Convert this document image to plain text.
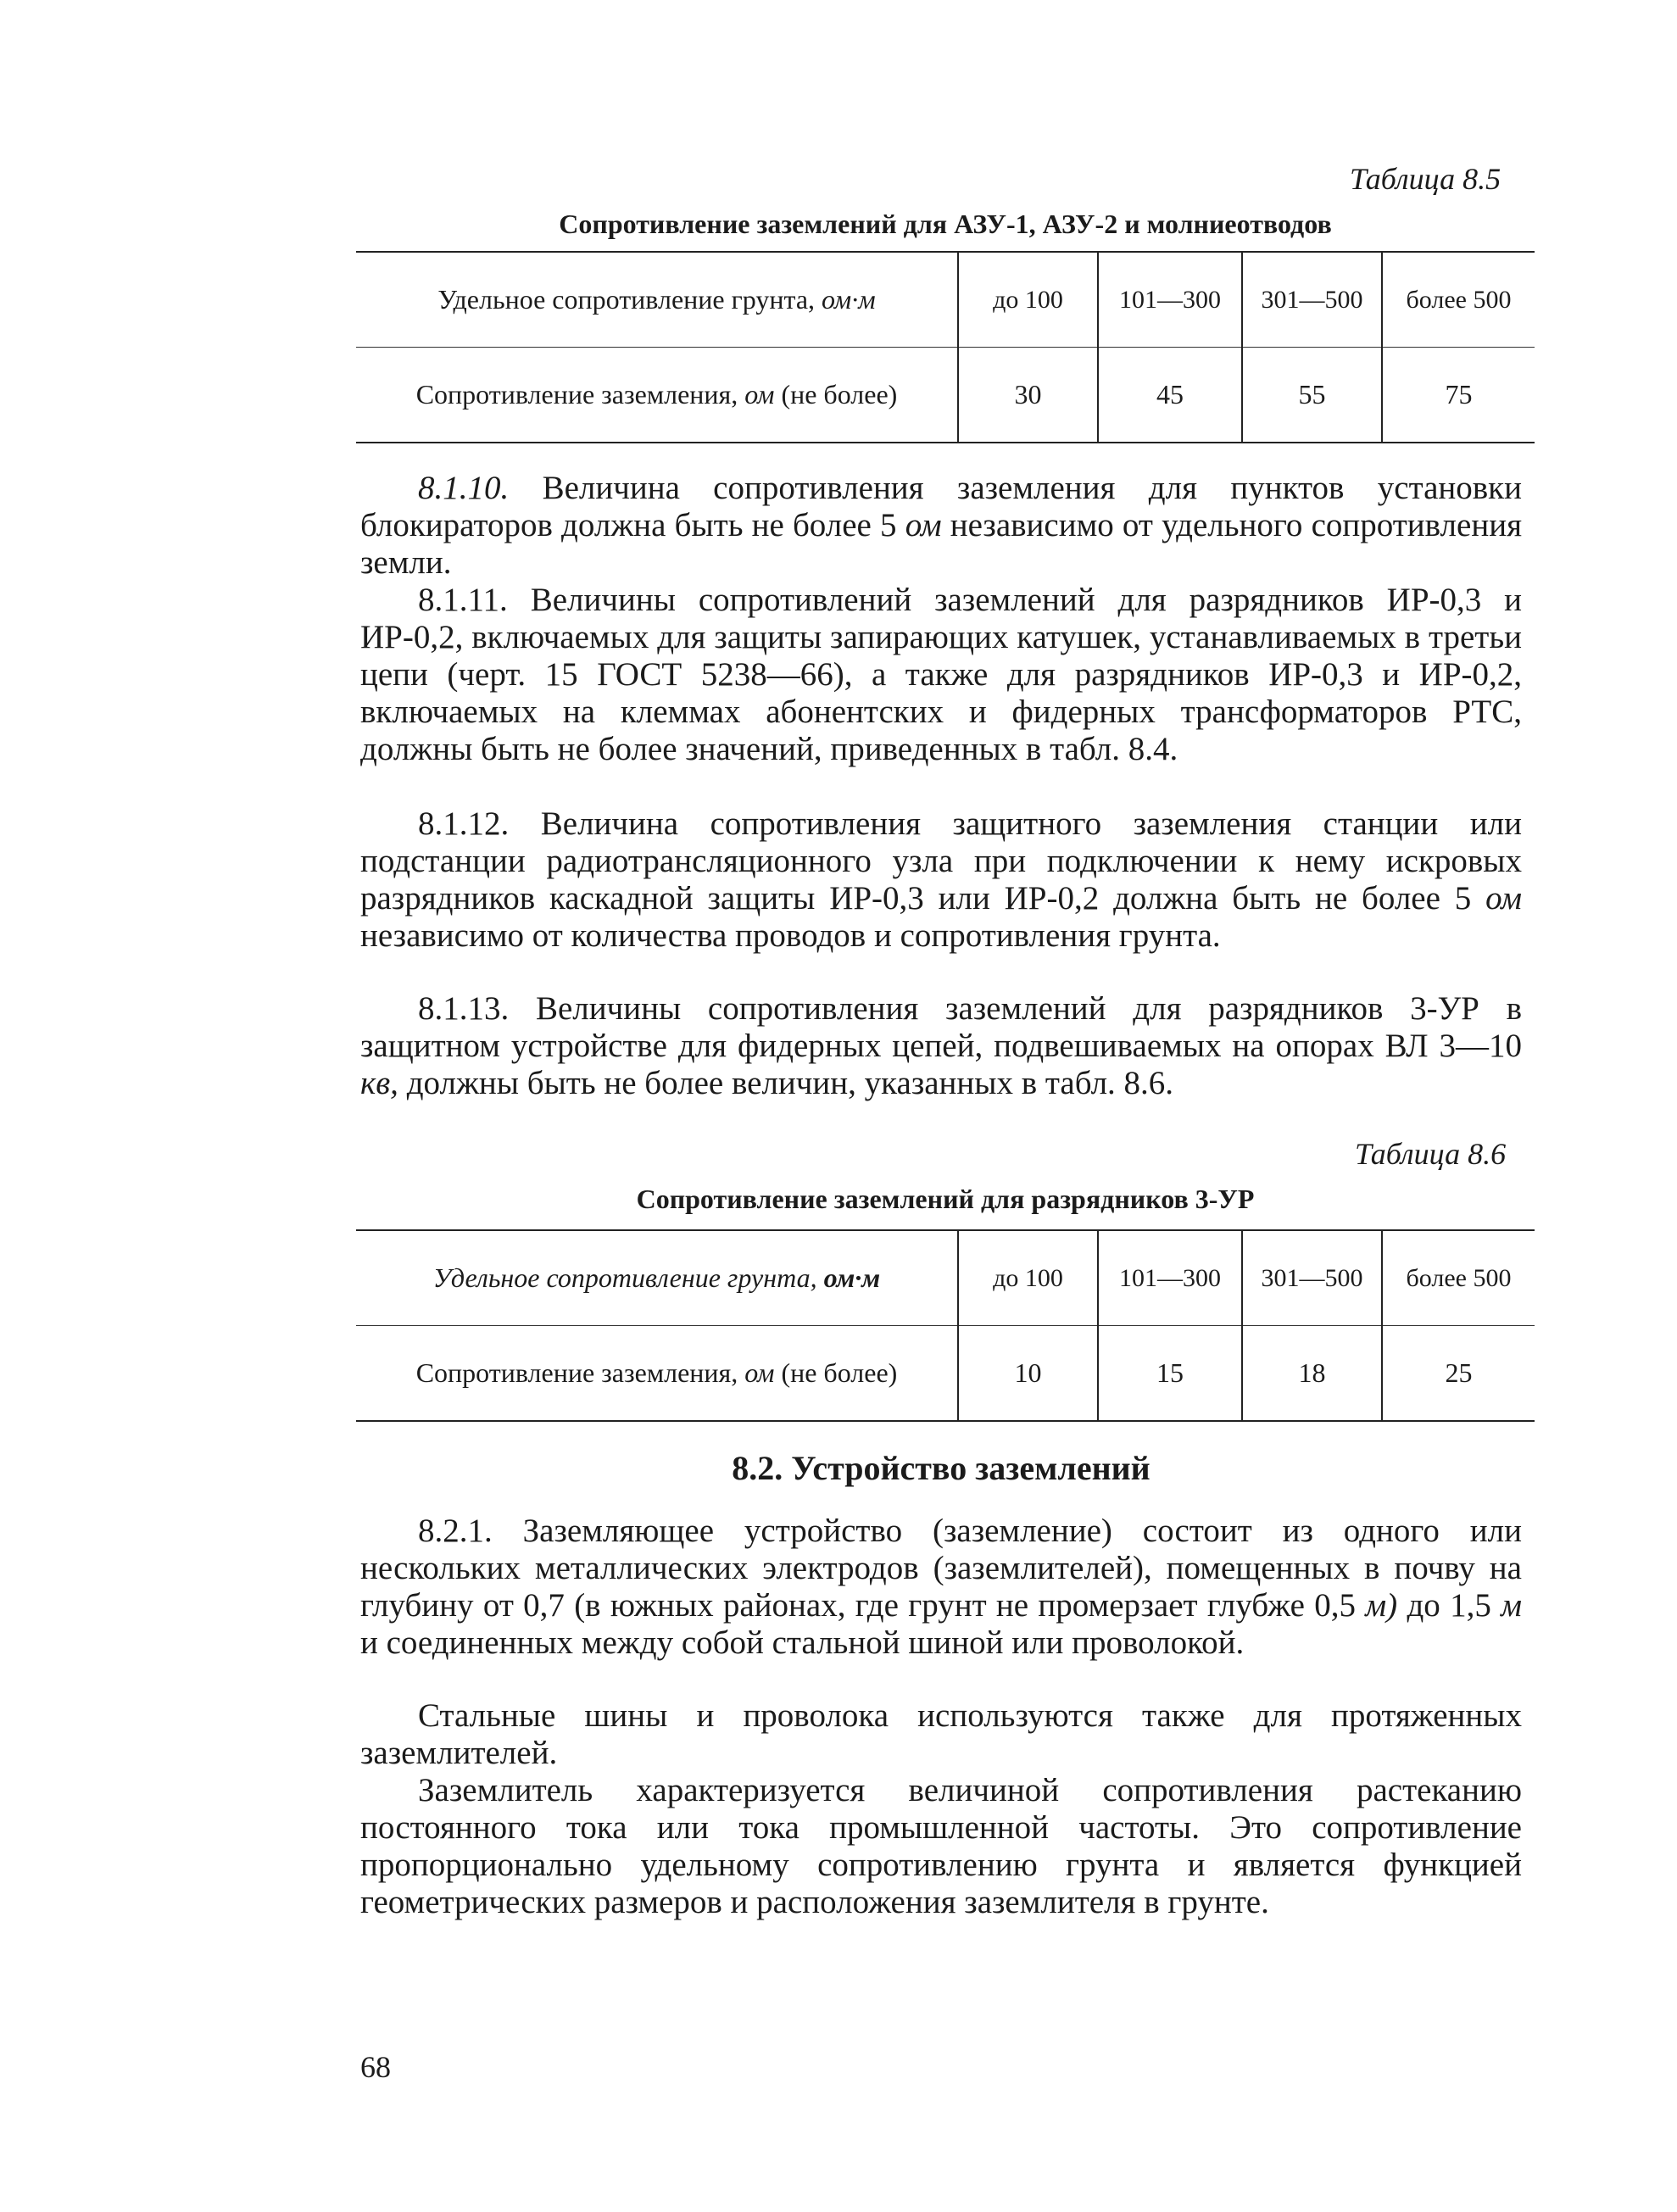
Таблица 8.5
Сопротивление заземлений для АЗУ-1, АЗУ-2 и молниеотводов
Удельное сопротивление грунта, ом·м	до 100	101—300	301—500	более 500
Сопротивление заземления, ом (не более)	30	45	55	75

8.1.10. Величина сопротивления заземления для пунктов установки блокираторов должна быть не более 5 ом независимо от удельного сопротивления земли.

8.1.11. Величины сопротивлений заземлений для разрядников ИР-0,3 и ИР-0,2, включаемых для защиты запирающих катушек, устанавливаемых в третьи цепи (черт. 15 ГОСТ 5238—66), а также для разрядников ИР-0,3 и ИР-0,2, включаемых на клеммах абонентских и фидерных трансформаторов РТС, должны быть не более значений, приведенных в табл. 8.4.

8.1.12. Величина сопротивления защитного заземления станции или подстанции радиотрансляционного узла при подключении к нему искровых разрядников каскадной защиты ИР-0,3 или ИР-0,2 должна быть не более 5 ом независимо от количества проводов и сопротивления грунта.

8.1.13. Величины сопротивления заземлений для разрядников 3-УР в защитном устройстве для фидерных цепей, подвешиваемых на опорах ВЛ 3—10 кв, должны быть не более величин, указанных в табл. 8.6.

Таблица 8.6
Сопротивление заземлений для разрядников 3-УР
Удельное сопротивление грунта, ом·м	до 100	101—300	301—500	более 500
Сопротивление заземления, ом (не более)	10	15	18	25
8.2. Устройство заземлений

8.2.1. Заземляющее устройство (заземление) состоит из одного или нескольких металлических электродов (заземлителей), помещенных в почву на глубину от 0,7 (в южных районах, где грунт не промерзает глубже 0,5 м) до 1,5 м и соединенных между собой стальной шиной или проволокой.

Стальные шины и проволока используются также для протяженных заземлителей.

Заземлитель характеризуется величиной сопротивления растеканию постоянного тока или тока промышленной частоты. Это сопротивление пропорционально удельному сопротивлению грунта и является функцией геометрических размеров и расположения заземлителя в грунте.

68
